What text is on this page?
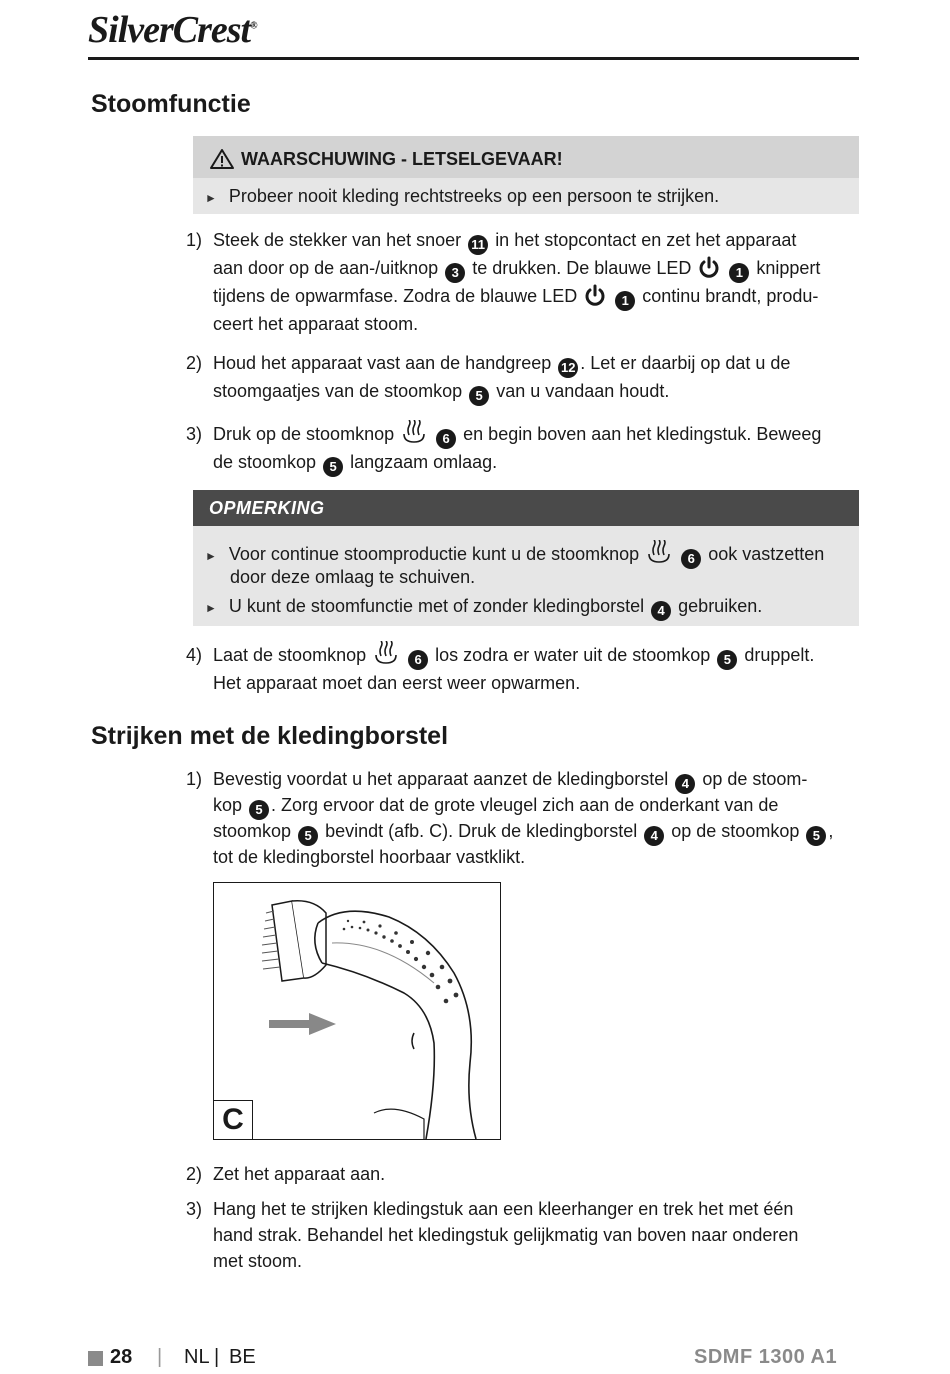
SilverCrest®
Stoomfunctie
WAARSCHUWING - LETSELGEVAAR!
► Probeer nooit kleding rechtstreeks op een persoon te strijken.
1) Steek de stekker van het snoer 11 in het stopcontact en zet het apparaat
aan door op de aan-/uitknop 3 te drukken. De blauwe LED	1 knippert
tijdens de opwarmfase. Zodra de blauwe LED	1 continu brandt, produ-
ceert het apparaat stoom.
2) Houd het apparaat vast aan de handgreep 12 . Let er daarbij op dat u de
stoomgaatjes van de stoomkop 5 van u vandaan houdt.
3) Druk op de stoomknop	6 en begin boven aan het kledingstuk. Beweeg
de stoomkop 5 langzaam omlaag.
OPMERKING
► Voor continue stoomproductie kunt u de stoomknop	6 ook vastzetten
door deze omlaag te schuiven.
► U kunt de stoomfunctie met of zonder kledingborstel 4 gebruiken.
4) Laat de stoomknop	6 los zodra er water uit de stoomkop 5 druppelt.
Het apparaat moet dan eerst weer opwarmen.
Strijken met de kledingborstel
1) Bevestig voordat u het apparaat aanzet de kledingborstel 4 op de stoom-
kop 5 . Zorg ervoor dat de grote vleugel zich aan de onderkant van de
stoomkop 5 bevindt (afb. C). Druk de kledingborstel 4 op de stoomkop 5 ,
tot de kledingborstel hoorbaar vastklikt.
C
2) Zet het apparaat aan.
3) Hang het te strijken kledingstuk aan een kleerhanger en trek het met één
hand strak. Behandel het kledingstuk gelijkmatig van boven naar onderen
met stoom.
28 | NL | BE	SDMF 1300 A1
